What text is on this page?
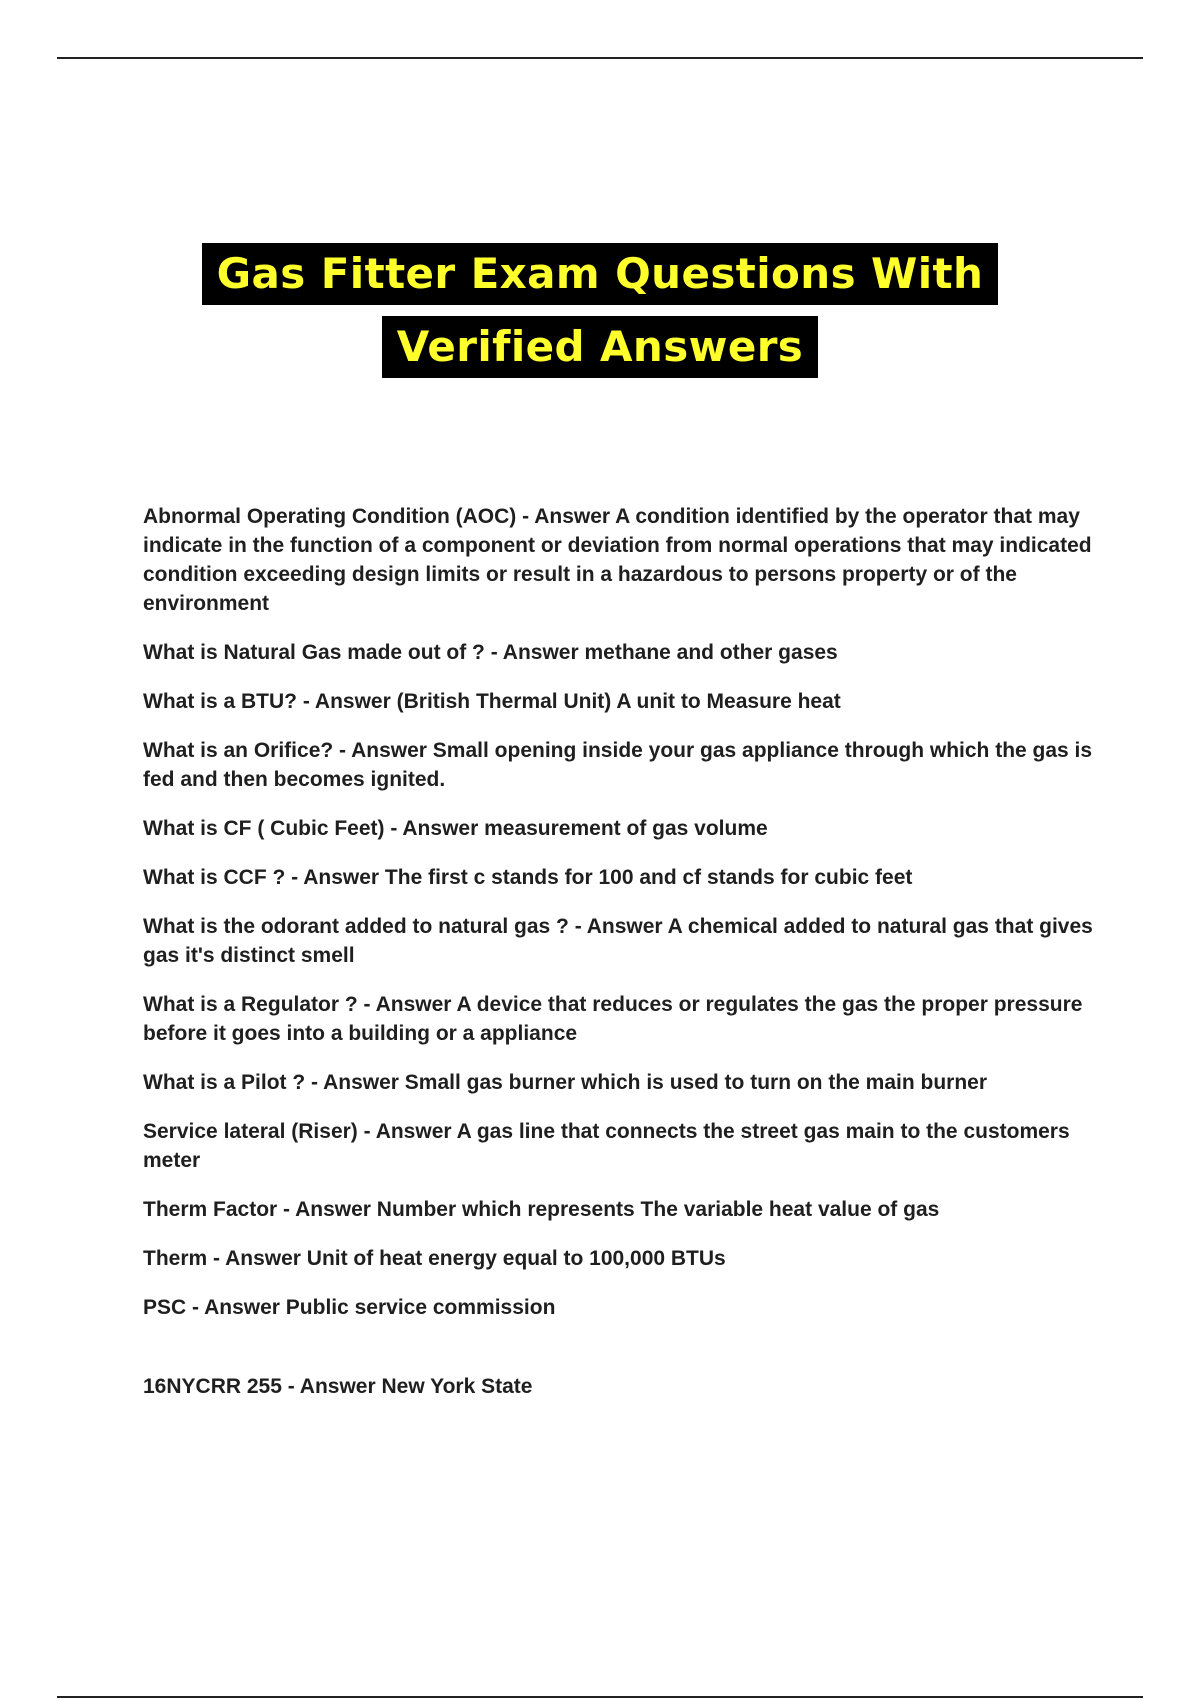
Gas Fitter Exam Questions With
Verified Answers
Abnormal Operating Condition (AOC) - Answer A condition identified by the operator that may indicate in the function of a component or deviation from normal operations that may indicated condition exceeding design limits or result in a hazardous to persons property or of the environment
What is Natural Gas made out of ? - Answer methane and other gases
What is a BTU? - Answer (British Thermal Unit) A unit to Measure heat
What is an Orifice? - Answer Small opening inside your gas appliance through which the gas is fed and then becomes ignited.
What is CF ( Cubic Feet) - Answer measurement of gas volume
What is CCF ? - Answer The first c stands for 100 and cf stands for cubic feet
What is the odorant added to natural gas ? - Answer A chemical added to natural gas that gives gas it's distinct smell
What is a Regulator ? - Answer A device that reduces or regulates the gas the proper pressure before it goes into a building or a appliance
What is a Pilot ? - Answer Small gas burner which is used to turn on the main burner
Service lateral (Riser) - Answer A gas line that connects the street gas main to the customers meter
Therm Factor - Answer Number which represents The variable heat value of gas
Therm - Answer Unit of heat energy equal to 100,000 BTUs
PSC - Answer Public service commission
16NYCRR 255 - Answer New York State
